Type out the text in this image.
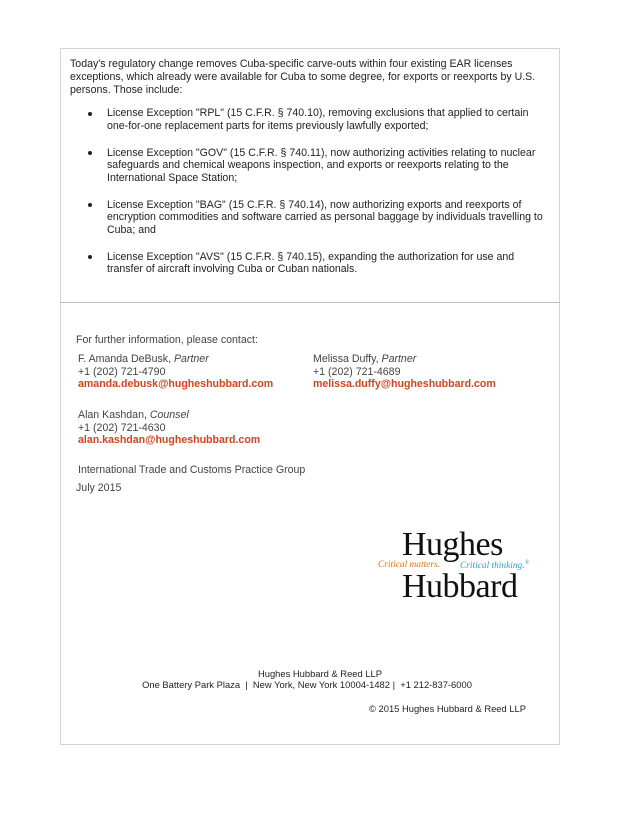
Today's regulatory change removes Cuba-specific carve-outs within four existing EAR licenses exceptions, which already were available for Cuba to some degree, for exports or reexports by U.S. persons. Those include:

License Exception "RPL" (15 C.F.R. § 740.10), removing exclusions that applied to certain one-for-one replacement parts for items previously lawfully exported;
License Exception "GOV" (15 C.F.R. § 740.11), now authorizing activities relating to nuclear safeguards and chemical weapons inspection, and exports or reexports relating to the International Space Station;
License Exception "BAG" (15 C.F.R. § 740.14), now authorizing exports and reexports of encryption commodities and software carried as personal baggage by individuals travelling to Cuba; and
License Exception "AVS" (15 C.F.R. § 740.15), expanding the authorization for use and transfer of aircraft involving Cuba or Cuban nationals.
For further information, please contact:
F. Amanda DeBusk, Partner
+1 (202) 721-4790
amanda.debusk@hugheshubbard.com
Melissa Duffy, Partner
+1 (202) 721-4689
melissa.duffy@hugheshubbard.com
Alan Kashdan, Counsel
+1 (202) 721-4630
alan.kashdan@hugheshubbard.com
International Trade and Customs Practice Group
July 2015
Hughes
Critical matters. Critical thinking.®
Hubbard
Hughes Hubbard & Reed LLP
One Battery Park Plaza  |  New York, New York 10004-1482 |  +1 212-837-6000
© 2015 Hughes Hubbard & Reed LLP
